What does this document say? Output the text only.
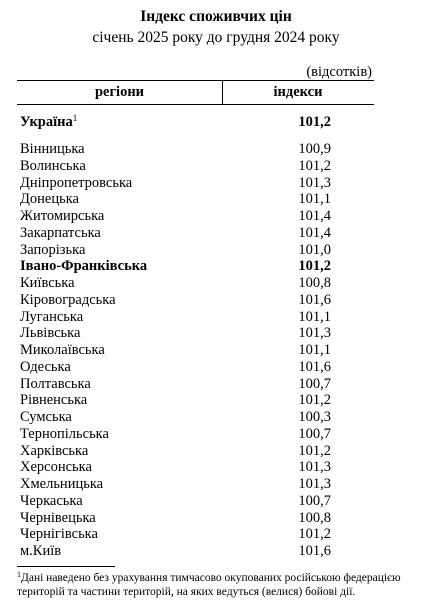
Індекс споживчих цін
січень 2025 року до грудня 2024 року
(відсотків)
регіони	індекси
Україна$^1$	101,2
Вінницька	100,9
Волинська	101,2
Дніпропетровська	101,3
Донецька	101,1
Житомирська	101,4
Закарпатська	101,4
Запорізька	101,0
Івано-Франківська	101,2
Київська	100,8
Кіровоградська	101,6
Луганська	101,1
Львівська	101,3
Миколаївська	101,1
Одеська	101,6
Полтавська	100,7
Рівненська	101,2
Сумська	100,3
Тернопільська	100,7
Харківська	101,2
Херсонська	101,3
Хмельницька	101,3
Черкаська	100,7
Чернівецька	100,8
Чернігівська	101,2
м.Київ	101,6
$^1$Дані наведено без урахування тимчасово окупованих російською федерацією територій та частини територій, на яких ведуться (велися) бойові дії.
